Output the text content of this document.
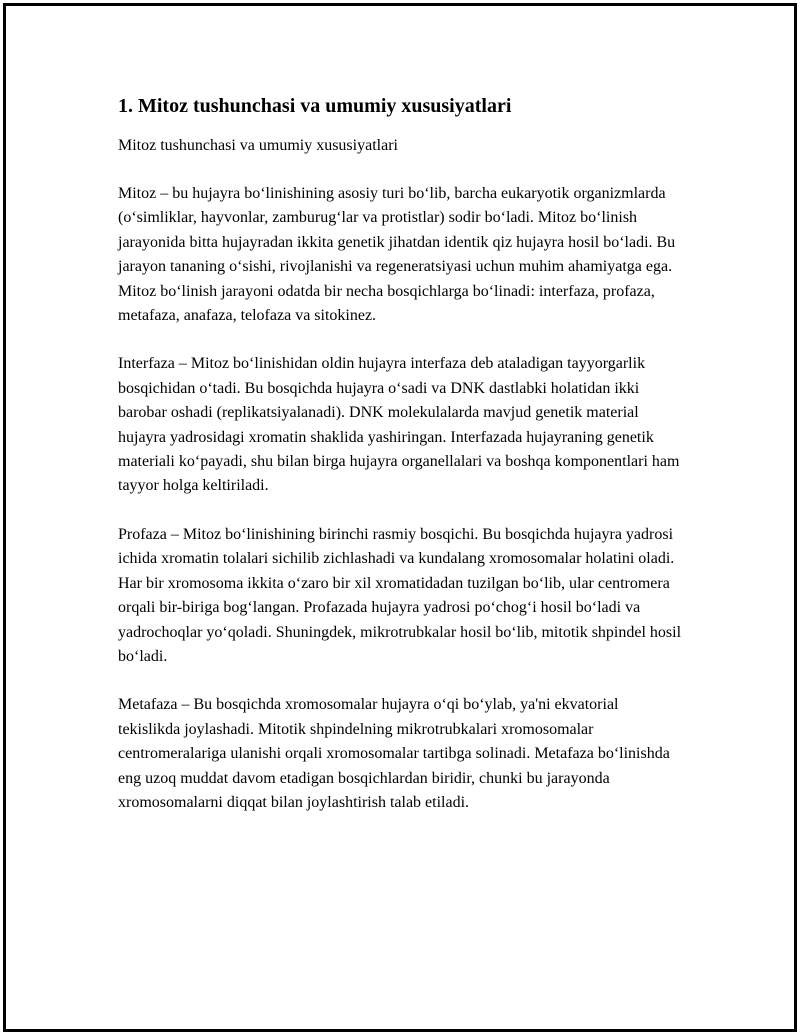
1. Mitoz tushunchasi va umumiy xususiyatlari

Mitoz tushunchasi va umumiy xususiyatlari

Mitoz – bu hujayra bo‘linishining asosiy turi bo‘lib, barcha eukaryotik organizmlarda (o‘simliklar, hayvonlar, zamburug‘lar va protistlar) sodir bo‘ladi. Mitoz bo‘linish jarayonida bitta hujayradan ikkita genetik jihatdan identik qiz hujayra hosil bo‘ladi. Bu jarayon tananing o‘sishi, rivojlanishi va regeneratsiyasi uchun muhim ahamiyatga ega. Mitoz bo‘linish jarayoni odatda bir necha bosqichlarga bo‘linadi: interfaza, profaza, metafaza, anafaza, telofaza va sitokinez.

Interfaza – Mitoz bo‘linishidan oldin hujayra interfaza deb ataladigan tayyorgarlik bosqichidan o‘tadi. Bu bosqichda hujayra o‘sadi va DNK dastlabki holatidan ikki barobar oshadi (replikatsiyalanadi). DNK molekulalarda mavjud genetik material hujayra yadrosidagi xromatin shaklida yashiringan. Interfazada hujayraning genetik materiali ko‘payadi, shu bilan birga hujayra organellalari va boshqa komponentlari ham tayyor holga keltiriladi.

Profaza – Mitoz bo‘linishining birinchi rasmiy bosqichi. Bu bosqichda hujayra yadrosi ichida xromatin tolalari sichilib zichlashadi va kundalang xromosomalar holatini oladi. Har bir xromosoma ikkita o‘zaro bir xil xromatidadan tuzilgan bo‘lib, ular centromera orqali bir-biriga bog‘langan. Profazada hujayra yadrosi po‘chog‘i hosil bo‘ladi va yadrochoqlar yo‘qoladi. Shuningdek, mikrotrubkalar hosil bo‘lib, mitotik shpindel hosil bo‘ladi.

Metafaza – Bu bosqichda xromosomalar hujayra o‘qi bo‘ylab, ya'ni ekvatorial tekislikda joylashadi. Mitotik shpindelning mikrotrubkalari xromosomalar centromeralariga ulanishi orqali xromosomalar tartibga solinadi. Metafaza bo‘linishda eng uzoq muddat davom etadigan bosqichlardan biridir, chunki bu jarayonda xromosomalarni diqqat bilan joylashtirish talab etiladi.
